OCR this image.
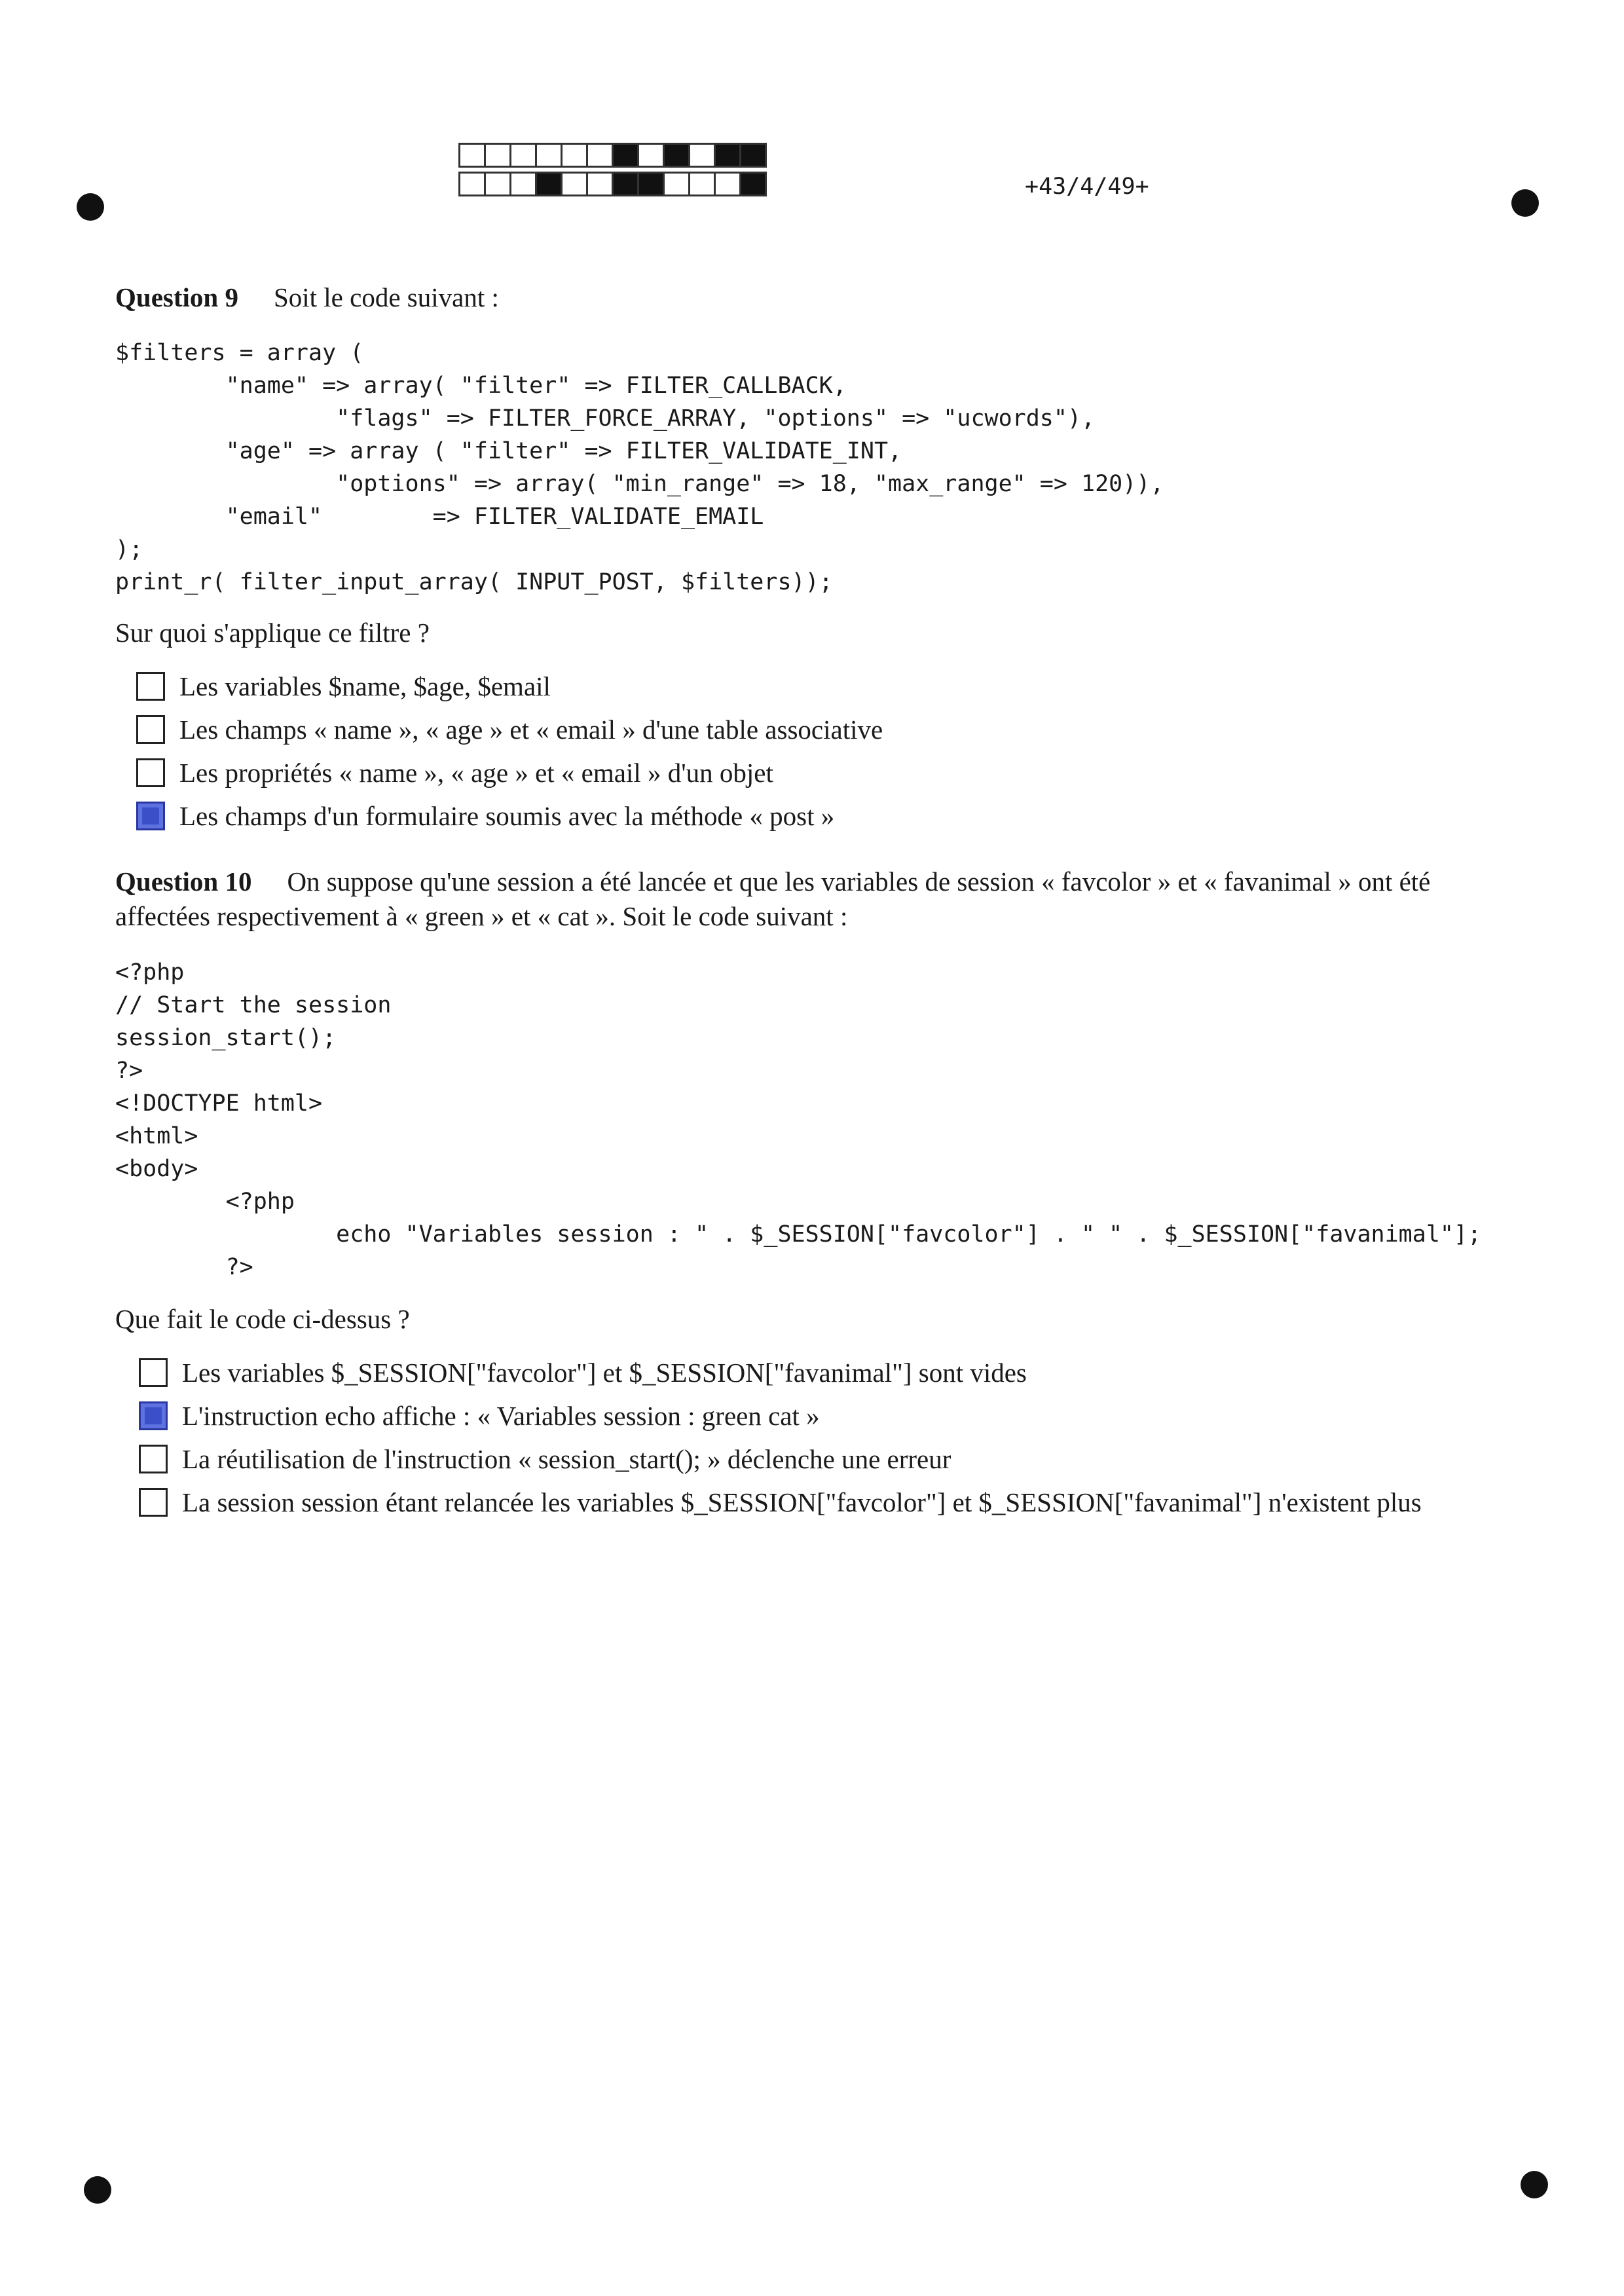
+43/4/49+
Question 9 Soit le code suivant :
$filters = array (
"name" => array( "filter" => FILTER_CALLBACK,
"flags" => FILTER_FORCE_ARRAY, "options" => "ucwords"),
"age" => array ( "filter" => FILTER_VALIDATE_INT,
"options" => array( "min_range" => 18, "max_range" => 120)),
"email"        => FILTER_VALIDATE_EMAIL
);
print_r( filter_input_array( INPUT_POST, $filters));
Sur quoi s'applique ce filtre ?
Les variables $name, $age, $email
Les champs « name », « age » et « email » d'une table associative
Les propriétés « name », « age » et « email » d'un objet
Les champs d'un formulaire soumis avec la méthode « post »
Question 10 On suppose qu'une session a été lancée et que les variables de session « favcolor » et « favanimal » ont été
affectées respectivement à « green » et « cat ». Soit le code suivant :
<?php
// Start the session
session_start();
?>
<!DOCTYPE html>
<html>
<body>
<?php
echo "Variables session : " . $_SESSION["favcolor"] . " " . $_SESSION["favanimal"];
?>
Que fait le code ci-dessus ?
Les variables $_SESSION["favcolor"] et $_SESSION["favanimal"] sont vides
L'instruction echo affiche : « Variables session : green cat »
La réutilisation de l'instruction « session_start(); » déclenche une erreur
La session session étant relancée les variables $_SESSION["favcolor"] et $_SESSION["favanimal"] n'existent plus
